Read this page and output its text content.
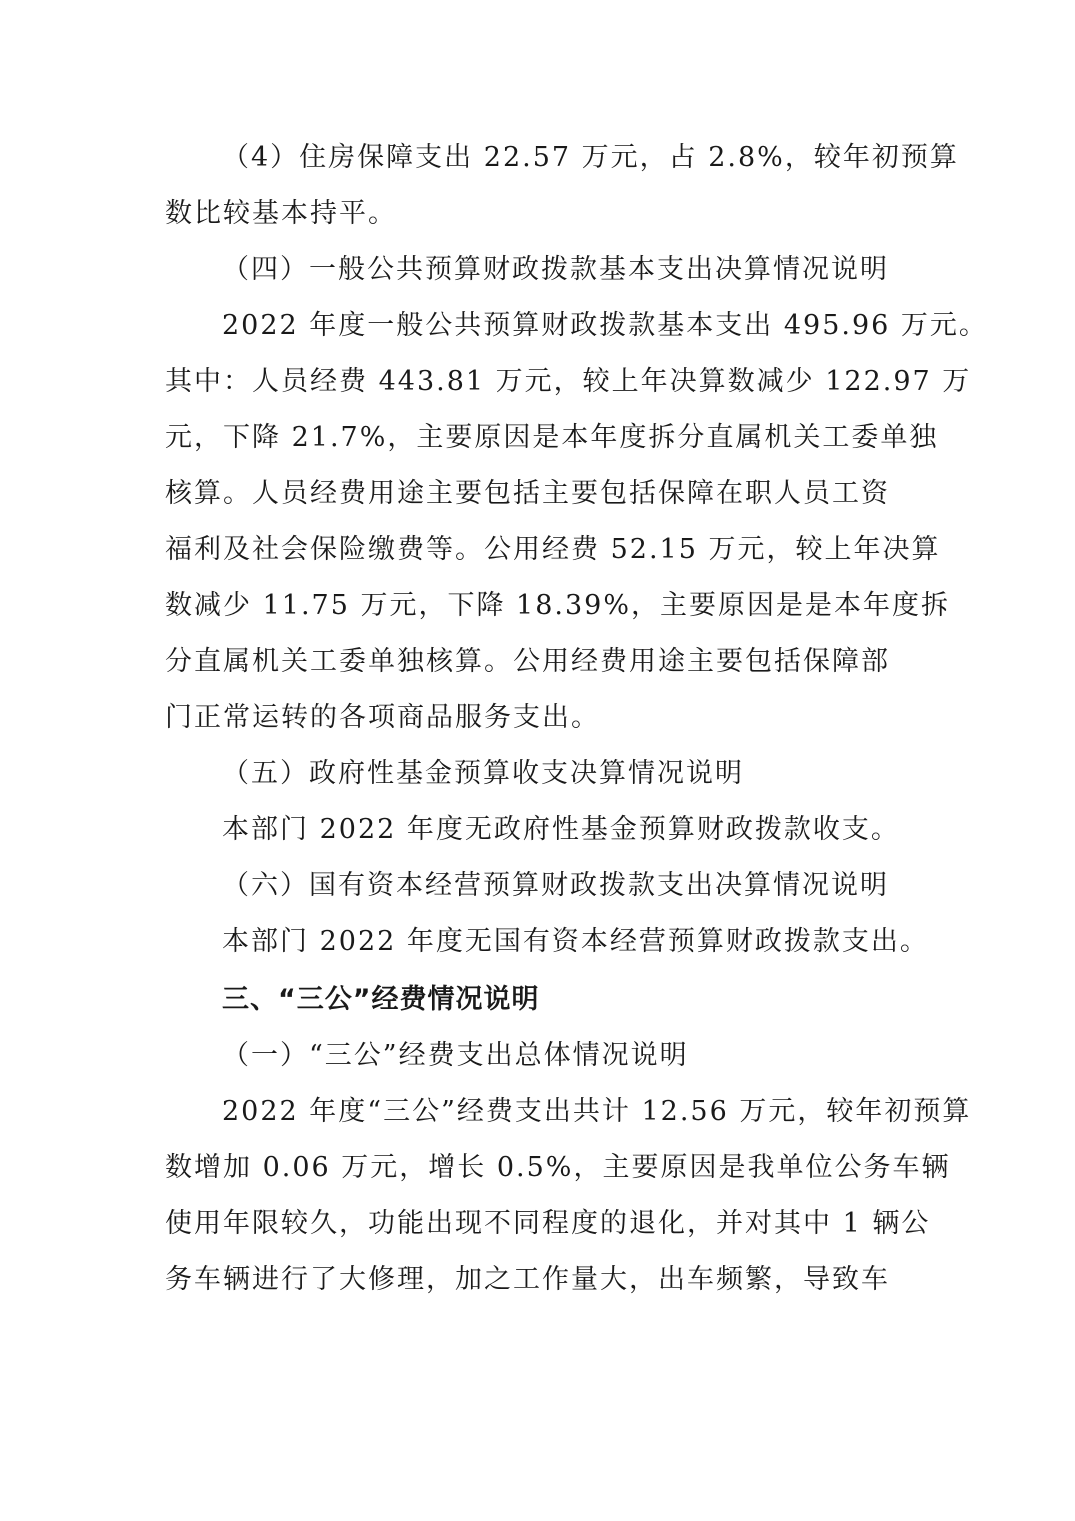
（4）住房保障支出 22.57 万元，占 2.8%，较年初预算
数比较基本持平。
（四）一般公共预算财政拨款基本支出决算情况说明
2022 年度一般公共预算财政拨款基本支出 495.96 万元。
其中：人员经费 443.81 万元，较上年决算数减少 122.97 万
元，下降 21.7%，主要原因是本年度拆分直属机关工委单独
核算。人员经费用途主要包括主要包括保障在职人员工资
福利及社会保险缴费等。公用经费 52.15 万元，较上年决算
数减少 11.75 万元，下降 18.39%，主要原因是是本年度拆
分直属机关工委单独核算。公用经费用途主要包括保障部
门正常运转的各项商品服务支出。
（五）政府性基金预算收支决算情况说明
本部门 2022 年度无政府性基金预算财政拨款收支。
（六）国有资本经营预算财政拨款支出决算情况说明
本部门 2022 年度无国有资本经营预算财政拨款支出。
三、“三公”经费情况说明
（一）“三公”经费支出总体情况说明
2022 年度“三公”经费支出共计 12.56 万元，较年初预算
数增加 0.06 万元，增长 0.5%，主要原因是我单位公务车辆
使用年限较久，功能出现不同程度的退化，并对其中 1 辆公
务车辆进行了大修理，加之工作量大，出车频繁，导致车
